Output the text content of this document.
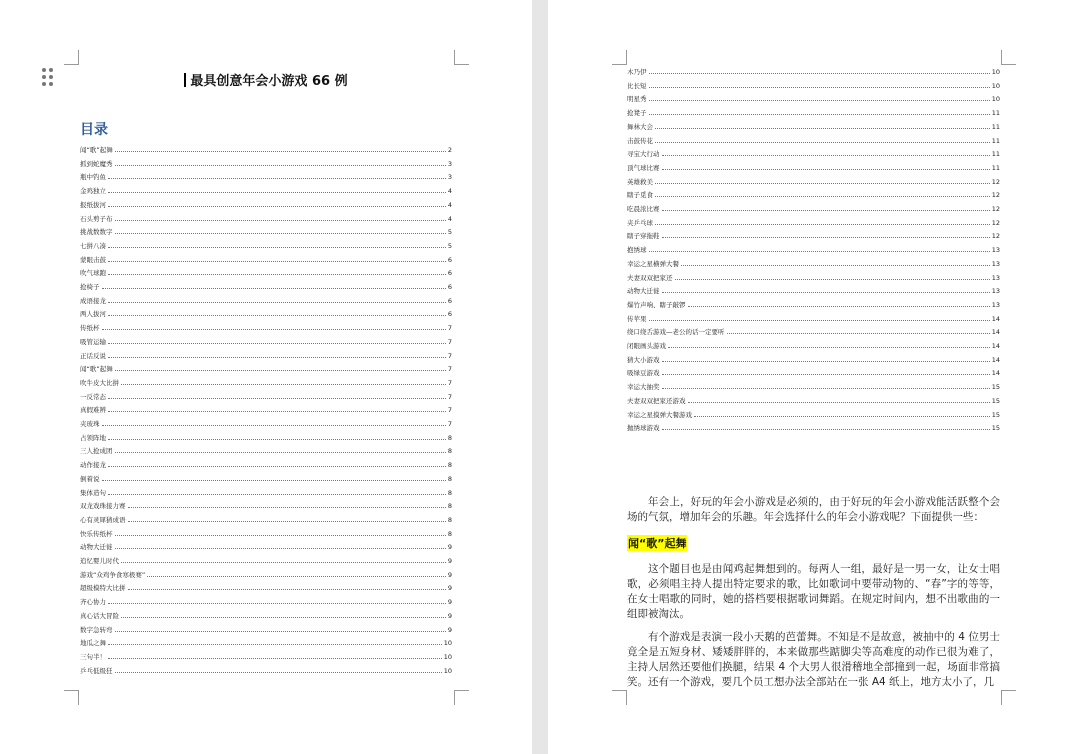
最具创意年会小游戏 66 例
目录
闻“歌”起舞	2
抓到蛇魔秀	3
瓶中钓鱼	3
金鸡独立	4
报纸拔河	4
石头剪子布	4
挑战数数字	5
七拼八凑	5
蒙眼击鼓	6
吹气球跑	6
抢椅子	6
成语接龙	6
两人拔河	6
传纸杯	7
吸管运输	7
正话反说	7
闻“歌”起舞	7
吹牛皮大比拼	7
一反常态	7
真假难辨	7
夹玻珠	7
占领阵地	8
三人抢成团	8
动作接龙	8
倒着说	8
集体造句	8
双龙戏珠接力赛	8
心有灵犀猜成语	8
快乐传纸杯	8
动物大迁徙	9
追忆婴儿时代	9
游戏“众鸡争食寒极赛”	9
超级模特大比拼	9
齐心协力	9
真心话大冒险	9
数字急转弯	9
地瓜之舞	10
三句半！	10
乒乓低级狂	10
木乃伊	10
比长短	10
明星秀	10
抢凳子	11
舞林大会	11
击鼓传花	11
寻宝大行动	11
顶气球比赛	11
英雄救美	12
瞎子觅食	12
吃晨浓比赛	12
夹乒乓球	12
瞎子穿拖鞋	12
抱绣球	13
幸运之星横弹大餐	13
夫妻双双把家还	13
动物大迁徙	13
爆竹声响、瞎子敲锣	13
传苹果	14
绕口绕舌游戏—老公的话一定要听	14
闭眼画头游戏	14
猜大小游戏	14
吸绿豆游戏	14
幸运大抽奖	15
夫妻双双把家还游戏	15
幸运之星摸弹大餐游戏	15
抛绣球游戏	15
年会上，好玩的年会小游戏是必须的，由于好玩的年会小游戏能活跃整个会场的气氛，增加年会的乐趣。年会选择什么的年会小游戏呢？下面提供一些：
闻“歌”起舞
这个题目也是由闻鸡起舞想到的。每两人一组，最好是一男一女，让女士唱歌，必须唱主持人提出特定要求的歌，比如歌词中要带动物的、“春”字的等等，在女士唱歌的同时，她的搭档要根据歌词舞蹈。在规定时间内，想不出歌曲的一组即被淘汰。
有个游戏是表演一段小天鹅的芭蕾舞。不知是不是故意，被抽中的 4 位男士竟全是五短身材、矮矮胖胖的，本来做那些踮脚尖等高难度的动作已很为难了，主持人居然还要他们换腿，结果 4 个大男人很滑稽地全部撞到一起，场面非常搞笑。还有一个游戏，要几个员工想办法全部站在一张 A4 纸上，地方太小了，几
